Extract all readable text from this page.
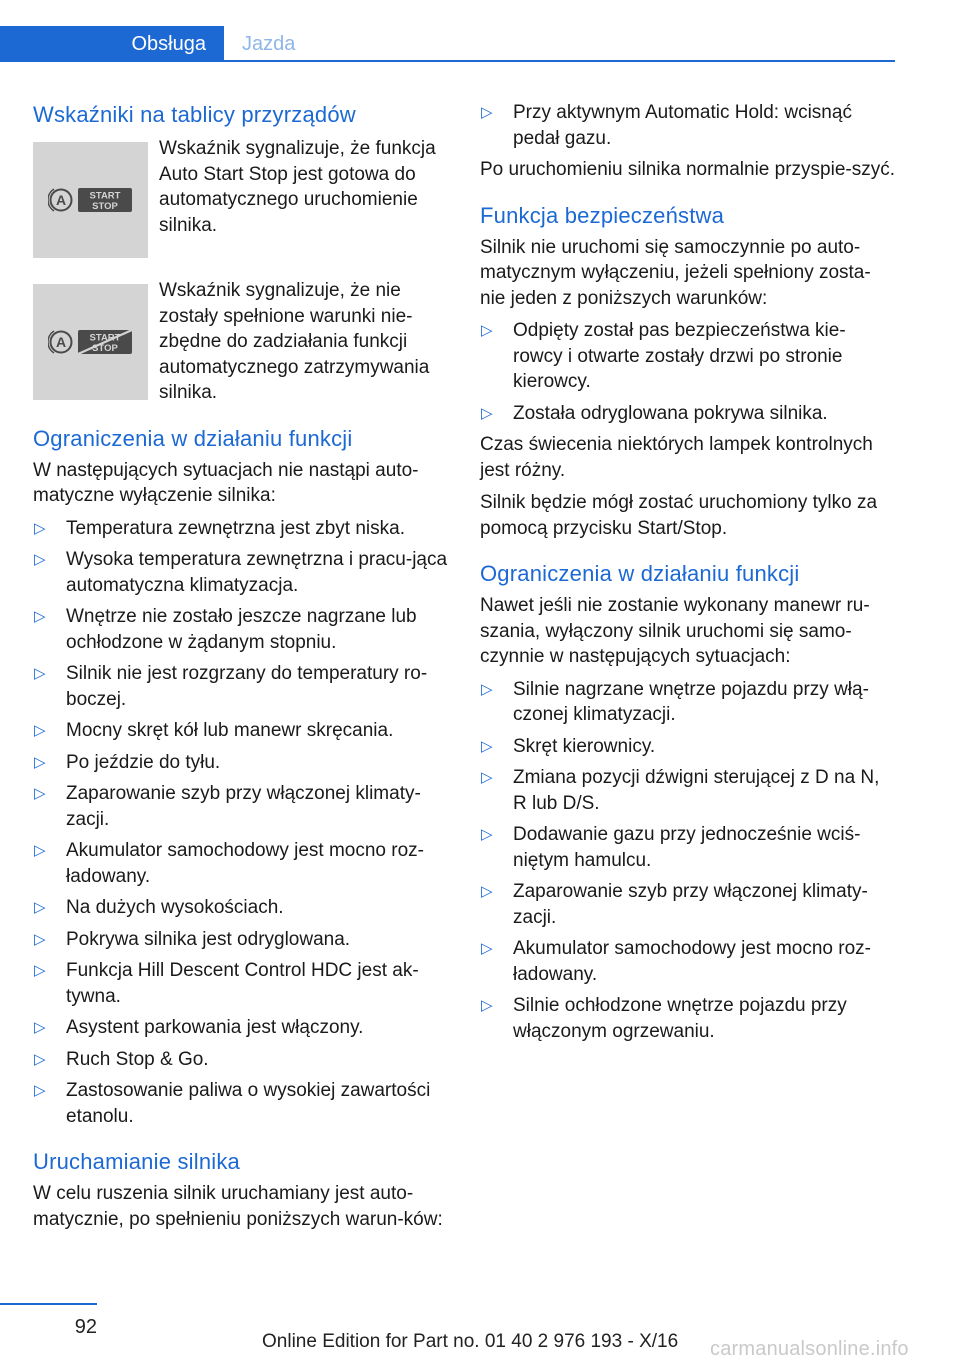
Obsługa	Jazda
Wskaźniki na tablicy przyrządów
A START
STOP
Wskaźnik sygnalizuje, że funkcja Auto Start Stop jest gotowa do automatycznego uruchomienie silnika.
A START
STOP
Wskaźnik sygnalizuje, że nie zostały spełnione warunki nie-zbędne do zadziałania funkcji automatycznego zatrzymywania silnika.
Ograniczenia w działaniu funkcji

W następujących sytuacjach nie nastąpi auto-matyczne wyłączenie silnika:

▷ Temperatura zewnętrzna jest zbyt niska.
▷ Wysoka temperatura zewnętrzna i pracu-jąca automatyczna klimatyzacja.
▷ Wnętrze nie zostało jeszcze nagrzane lub ochłodzone w żądanym stopniu.
▷ Silnik nie jest rozgrzany do temperatury ro-boczej.
▷ Mocny skręt kół lub manewr skręcania.
▷ Po jeździe do tyłu.
▷ Zaparowanie szyb przy włączonej klimaty-zacji.
▷ Akumulator samochodowy jest mocno roz-ładowany.
▷ Na dużych wysokościach.
▷ Pokrywa silnika jest odryglowana.
▷ Funkcja Hill Descent Control HDC jest ak-tywna.
▷ Asystent parkowania jest włączony.
▷ Ruch Stop & Go.
▷ Zastosowanie paliwa o wysokiej zawartości etanolu.
Uruchamianie silnika

W celu ruszenia silnik uruchamiany jest auto-matycznie, po spełnieniu poniższych warun-ków:

▷ Przy aktywnym Automatic Hold: wcisnąć pedał gazu.

Po uruchomieniu silnika normalnie przyspie-szyć.

Funkcja bezpieczeństwa

Silnik nie uruchomi się samoczynnie po auto-matycznym wyłączeniu, jeżeli spełniony zosta-nie jeden z poniższych warunków:

▷ Odpięty został pas bezpieczeństwa kie-rowcy i otwarte zostały drzwi po stronie kierowcy.
▷ Została odryglowana pokrywa silnika.

Czas świecenia niektórych lampek kontrolnych jest różny.

Silnik będzie mógł zostać uruchomiony tylko za pomocą przycisku Start/Stop.

Ograniczenia w działaniu funkcji

Nawet jeśli nie zostanie wykonany manewr ru-szania, wyłączony silnik uruchomi się samo-czynnie w następujących sytuacjach:

▷ Silnie nagrzane wnętrze pojazdu przy włą-czonej klimatyzacji.
▷ Skręt kierownicy.
▷ Zmiana pozycji dźwigni sterującej z D na N, R lub D/S.
▷ Dodawanie gazu przy jednocześnie wciś-niętym hamulcu.
▷ Zaparowanie szyb przy włączonej klimaty-zacji.
▷ Akumulator samochodowy jest mocno roz-ładowany.
▷ Silnie ochłodzone wnętrze pojazdu przy włączonym ogrzewaniu.
92
Online Edition for Part no. 01 40 2 976 193 - X/16 carmanualsonline.info
